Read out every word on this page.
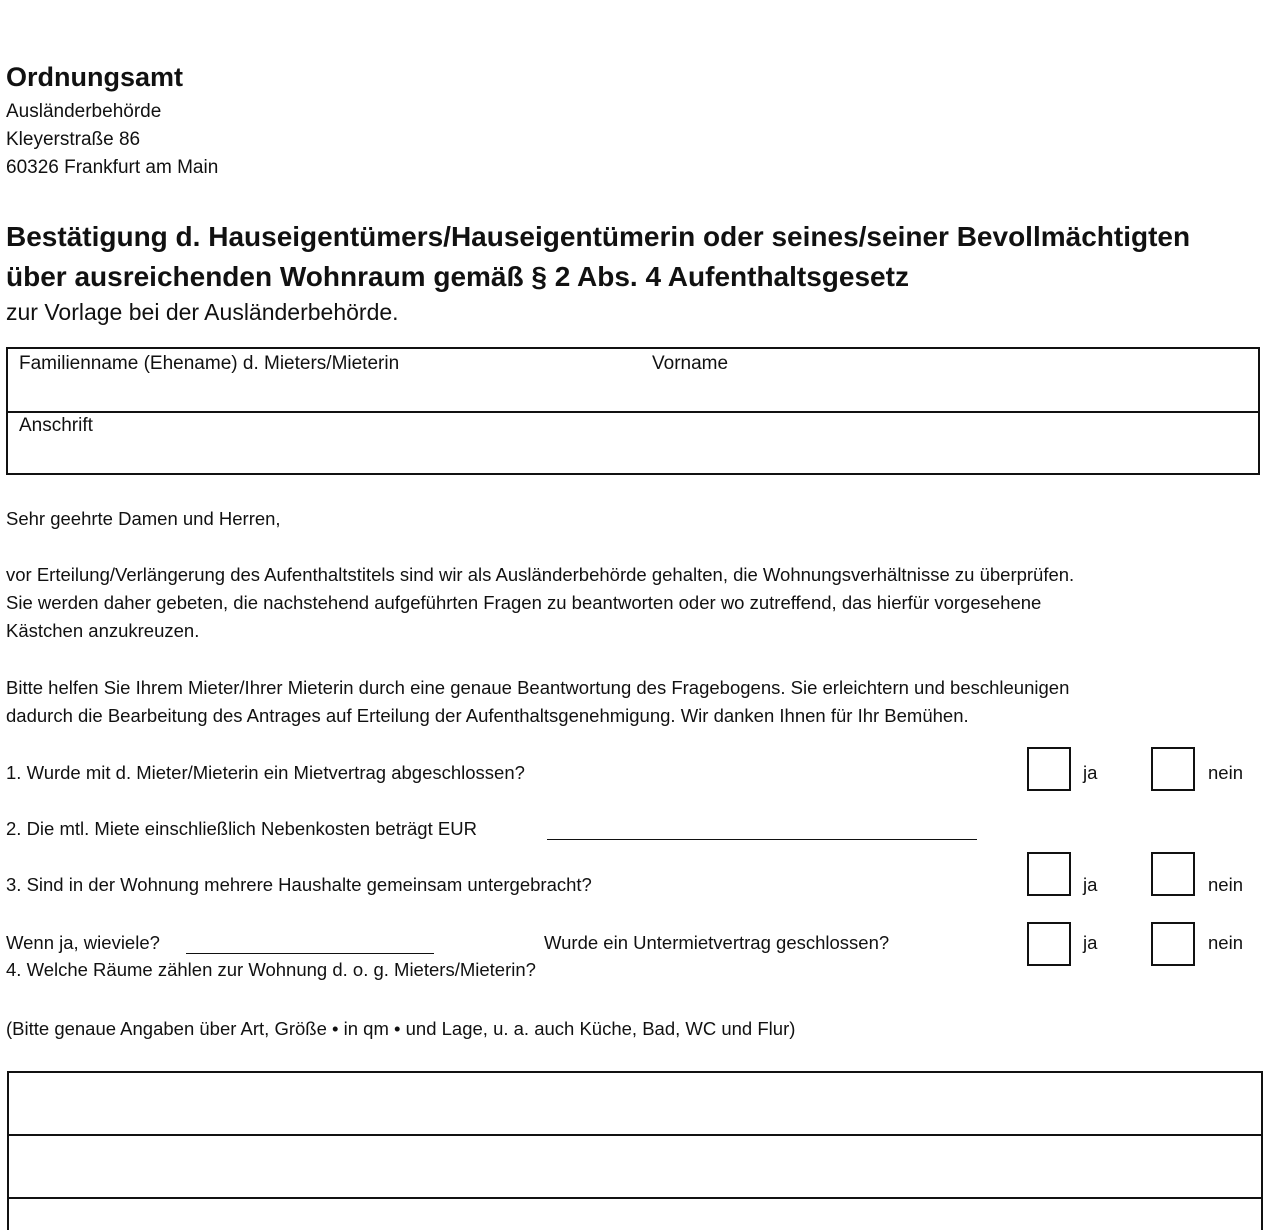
Ordnungsamt
Ausländerbehörde
Kleyerstraße 86
60326 Frankfurt am Main
Bestätigung d. Hauseigentümers/Hauseigentümerin oder seines/seiner Bevollmächtigten
über ausreichenden Wohnraum gemäß § 2 Abs. 4 Aufenthaltsgesetz
zur Vorlage bei der Ausländerbehörde.
Familienname (Ehename) d. Mieters/Mieterin	Vorname
Anschrift
Sehr geehrte Damen und Herren,
vor Erteilung/Verlängerung des Aufenthaltstitels sind wir als Ausländerbehörde gehalten, die Wohnungsverhältnisse zu überprüfen.
Sie werden daher gebeten, die nachstehend aufgeführten Fragen zu beantworten oder wo zutreffend, das hierfür vorgesehene
Kästchen anzukreuzen.
Bitte helfen Sie Ihrem Mieter/Ihrer Mieterin durch eine genaue Beantwortung des Fragebogens. Sie erleichtern und beschleunigen
dadurch die Bearbeitung des Antrages auf Erteilung der Aufenthaltsgenehmigung. Wir danken Ihnen für Ihr Bemühen.
1. Wurde mit d. Mieter/Mieterin ein Mietvertrag abgeschlossen?	ja	nein
2. Die mtl. Miete einschließlich Nebenkosten beträgt EUR
3. Sind in der Wohnung mehrere Haushalte gemeinsam untergebracht?	ja	nein
Wenn ja, wieviele?	Wurde ein Untermietvertrag geschlossen?	ja	nein
4. Welche Räume zählen zur Wohnung d. o. g. Mieters/Mieterin?
(Bitte genaue Angaben über Art, Größe • in qm • und Lage, u. a. auch Küche, Bad, WC und Flur)
